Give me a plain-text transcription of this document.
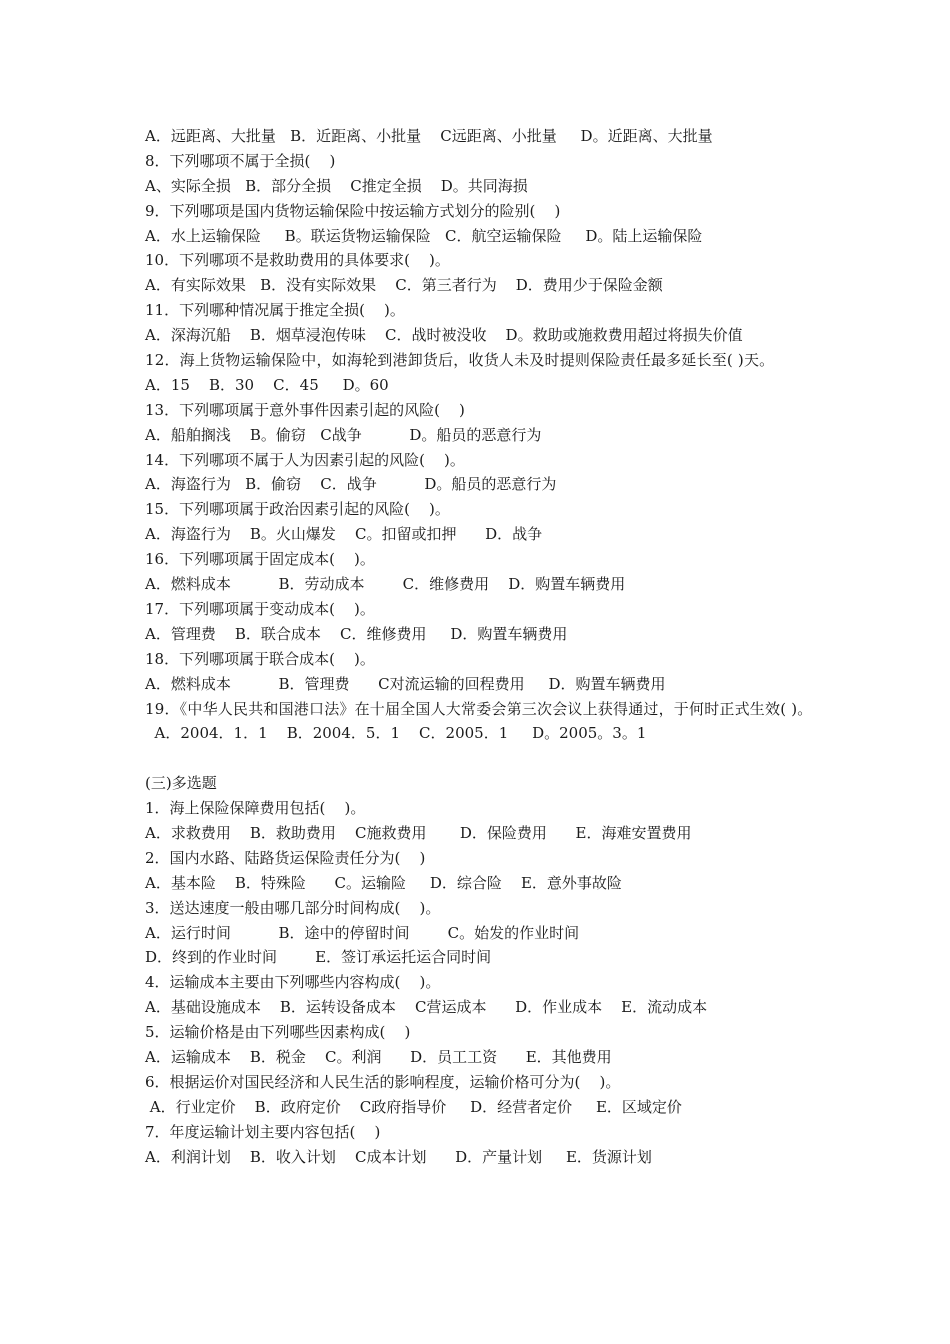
A．远距离、大批量   B．近距离、小批量    C远距离、小批量     D。近距离、大批量
8．下列哪项不属于全损(    )
A、实际全损   B．部分全损    C推定全损    D。共同海损
9．下列哪项是国内货物运输保险中按运输方式划分的险别(    )
A．水上运输保险     B。联运货物运输保险   C．航空运输保险     D。陆上运输保险
10．下列哪项不是救助费用的具体要求(    )。
A．有实际效果   B．没有实际效果    C．第三者行为    D．费用少于保险金额
11．下列哪种情况属于推定全损(    )。
A．深海沉船    B．烟草浸泡传味    C．战时被没收    D。救助或施救费用超过将损失价值
12．海上货物运输保险中，如海轮到港卸货后，收货人未及时提则保险责任最多延长至( )天。
A．15    B．30    C．45     D。60
13．下列哪项属于意外事件因素引起的风险(    )
A．船舶搁浅    B。偷窃   C战争          D。船员的恶意行为
14．下列哪项不属于人为因素引起的风险(    )。
A．海盗行为   B．偷窃    C．战争          D。船员的恶意行为
15．下列哪项属于政治因素引起的风险(    )。
A．海盗行为    B。火山爆发    C。扣留或扣押      D．战争
16．下列哪项属于固定成本(    )。
A．燃料成本          B．劳动成本        C．维修费用    D．购置车辆费用
17．下列哪项属于变动成本(    )。
A．管理费    B．联合成本    C．维修费用     D．购置车辆费用
18．下列哪项属于联合成本(    )。
A．燃料成本          B．管理费      C对流运输的回程费用     D．购置车辆费用
19．《中华人民共和国港口法》在十届全国人大常委会第三次会议上获得通过，于何时正式生效( )。
A．2004．1．1    B．2004．5．1    C．2005．1     D。2005。3。1
(三)多选题
1．海上保险保障费用包括(    )。
A．求救费用    B．救助费用    C施救费用       D．保险费用      E．海难安置费用
2．国内水路、陆路货运保险责任分为(    )
A．基本险    B．特殊险      C。运输险     D．综合险    E．意外事故险
3．送达速度一般由哪几部分时间构成(    )。
A．运行时间          B．途中的停留时间        C。始发的作业时间
D．终到的作业时间        E．签订承运托运合同时间
4．运输成本主要由下列哪些内容构成(    )。
A．基础设施成本    B．运转设备成本    C营运成本      D．作业成本    E．流动成本
5．运输价格是由下列哪些因素构成(    )
A．运输成本    B．税金    C。利润      D．员工工资      E．其他费用
6．根据运价对国民经济和人民生活的影响程度，运输价格可分为(    )。
A．行业定价    B．政府定价    C政府指导价     D．经营者定价     E．区域定价
7．年度运输计划主要内容包括(    )
A．利润计划    B．收入计划    C成本计划      D．产量计划     E．货源计划
